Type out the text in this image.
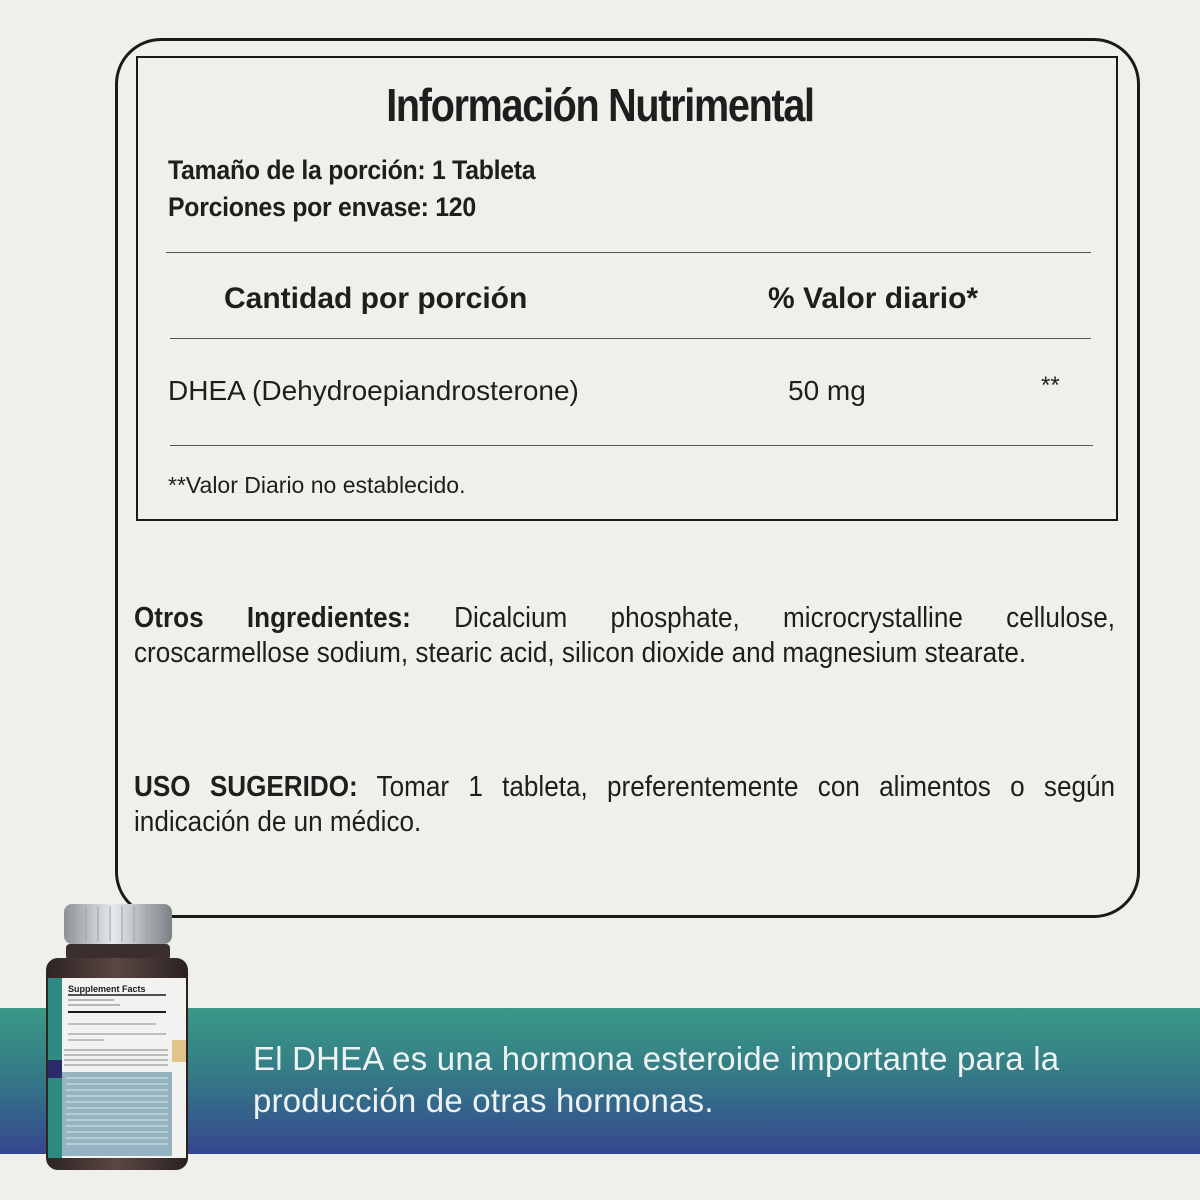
Información Nutrimental
Tamaño de la porción: 1 Tableta
Porciones por envase: 120
Cantidad por porción	% Valor diario*
DHEA (Dehydroepiandrosterone)	50 mg	**
**Valor Diario no establecido.
Otros Ingredientes: Dicalcium phosphate, microcrystalline cellulose, croscarmellose sodium, stearic acid, silicon dioxide and magnesium stearate.
USO SUGERIDO: Tomar 1 tableta, preferentemente con alimentos o según indicación de un médico.
El DHEA es una hormona esteroide importante para la producción de otras hormonas.
Supplement Facts
